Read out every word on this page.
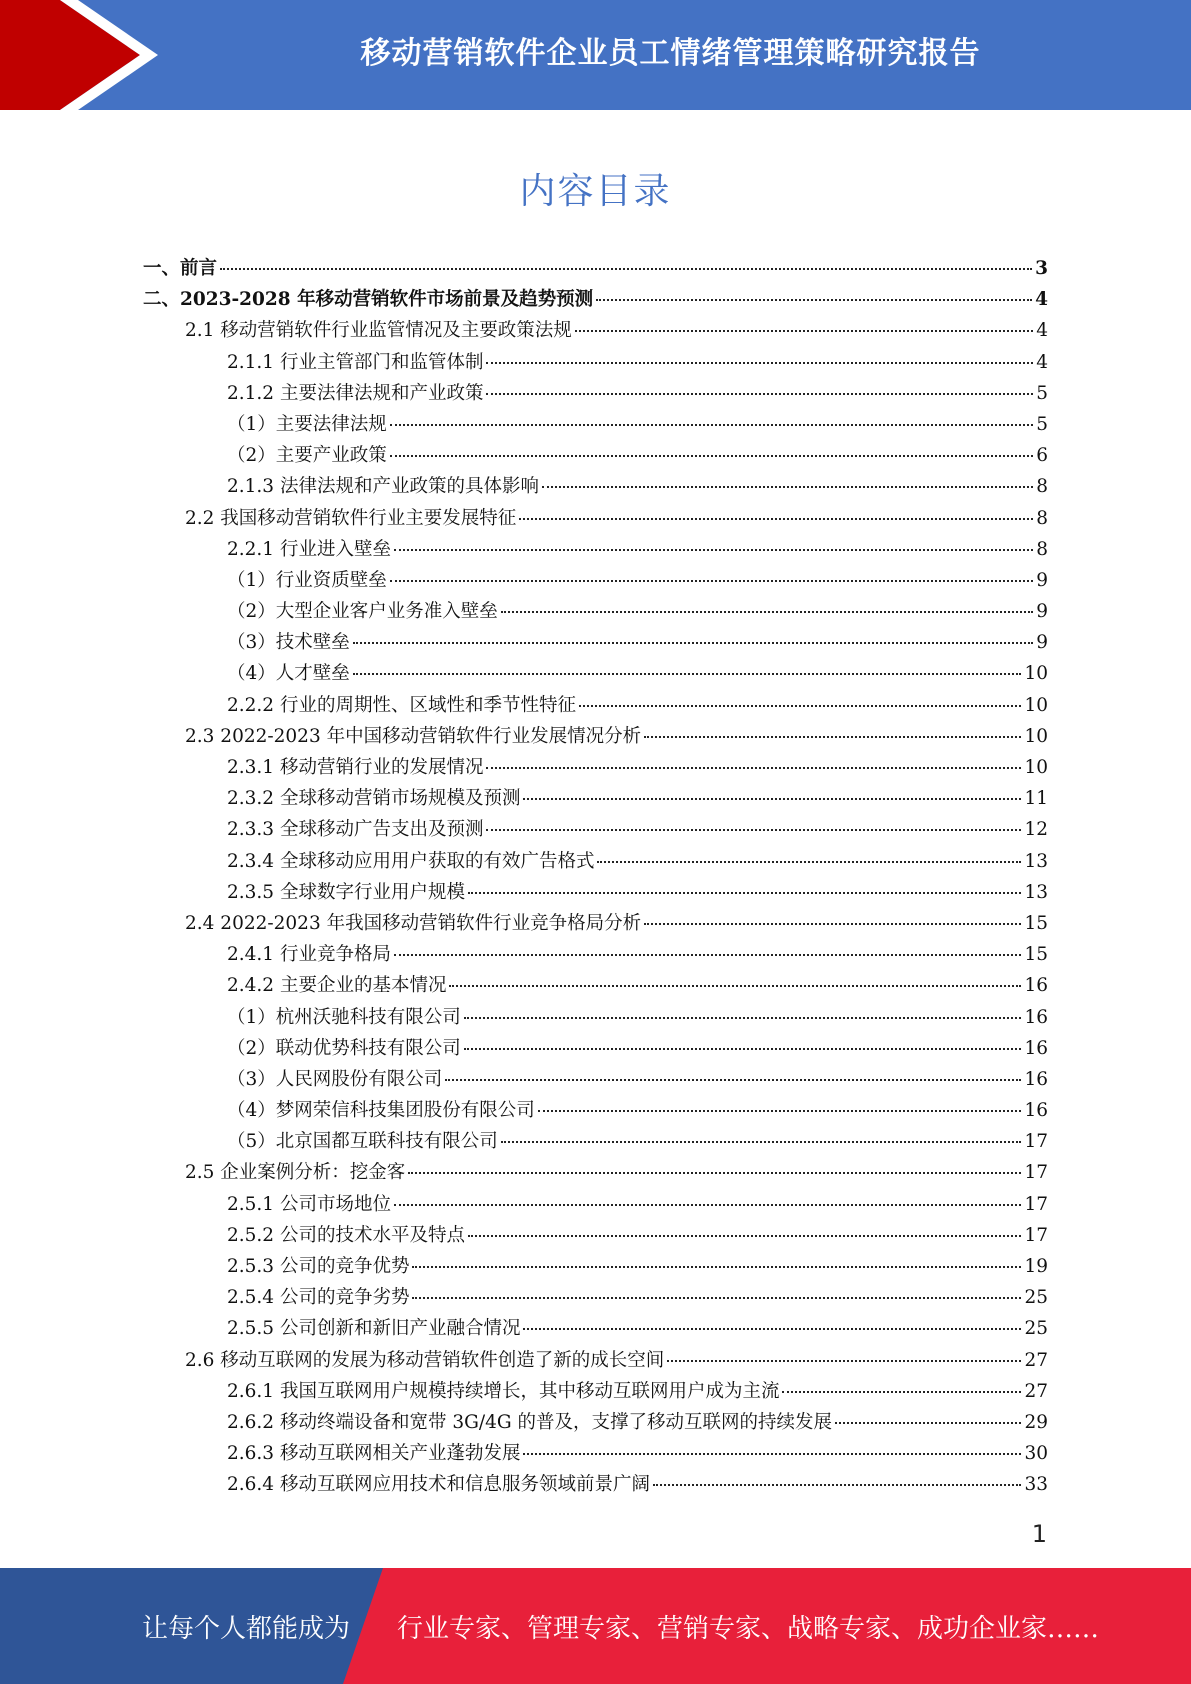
移动营销软件企业员工情绪管理策略研究报告
内容目录
一、前言	3
二、2023-2028 年移动营销软件市场前景及趋势预测	4
2.1 移动营销软件行业监管情况及主要政策法规	4
2.1.1 行业主管部门和监管体制	4
2.1.2 主要法律法规和产业政策	5
（1）主要法律法规	5
（2）主要产业政策	6
2.1.3 法律法规和产业政策的具体影响	8
2.2 我国移动营销软件行业主要发展特征	8
2.2.1 行业进入壁垒	8
（1）行业资质壁垒	9
（2）大型企业客户业务准入壁垒	9
（3）技术壁垒	9
（4）人才壁垒	10
2.2.2 行业的周期性、区域性和季节性特征	10
2.3 2022-2023 年中国移动营销软件行业发展情况分析	10
2.3.1 移动营销行业的发展情况	10
2.3.2 全球移动营销市场规模及预测	11
2.3.3 全球移动广告支出及预测	12
2.3.4 全球移动应用用户获取的有效广告格式	13
2.3.5 全球数字行业用户规模	13
2.4 2022-2023 年我国移动营销软件行业竞争格局分析	15
2.4.1 行业竞争格局	15
2.4.2 主要企业的基本情况	16
（1）杭州沃驰科技有限公司	16
（2）联动优势科技有限公司	16
（3）人民网股份有限公司	16
（4）梦网荣信科技集团股份有限公司	16
（5）北京国都互联科技有限公司	17
2.5 企业案例分析：挖金客	17
2.5.1 公司市场地位	17
2.5.2 公司的技术水平及特点	17
2.5.3 公司的竞争优势	19
2.5.4 公司的竞争劣势	25
2.5.5 公司创新和新旧产业融合情况	25
2.6 移动互联网的发展为移动营销软件创造了新的成长空间	27
2.6.1 我国互联网用户规模持续增长，其中移动互联网用户成为主流	27
2.6.2 移动终端设备和宽带 3G/4G 的普及，支撑了移动互联网的持续发展	29
2.6.3 移动互联网相关产业蓬勃发展	30
2.6.4 移动互联网应用技术和信息服务领域前景广阔	33
1
让每个人都能成为 行业专家、管理专家、营销专家、战略专家、成功企业家……
